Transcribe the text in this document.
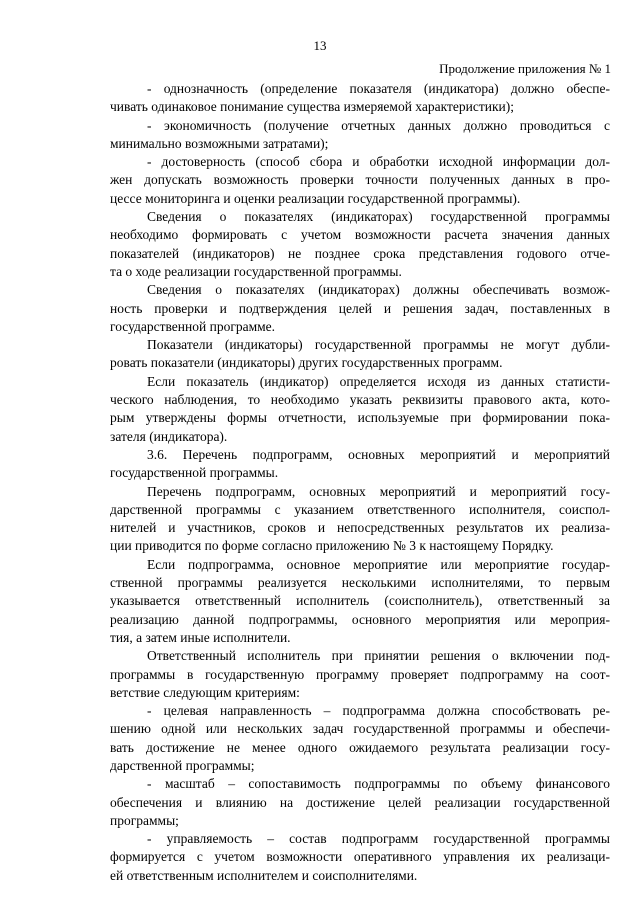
13
Продолжение приложения № 1
- однозначность (определение показателя (индикатора) должно обеспе-
чивать одинаковое понимание существа измеряемой характеристики);
- экономичность (получение отчетных данных должно проводиться с
минимально возможными затратами);
- достоверность (способ сбора и обработки исходной информации дол-
жен допускать возможность проверки точности полученных данных в про-
цессе мониторинга и оценки реализации государственной программы).
Сведения о показателях (индикаторах) государственной программы
необходимо формировать с учетом возможности расчета значения данных
показателей (индикаторов) не позднее срока представления годового отче-
та о ходе реализации государственной программы.
Сведения о показателях (индикаторах) должны обеспечивать возмож-
ность проверки и подтверждения целей и решения задач, поставленных в
государственной программе.
Показатели (индикаторы) государственной программы не могут дубли-
ровать показатели (индикаторы) других государственных программ.
Если показатель (индикатор) определяется исходя из данных статисти-
ческого наблюдения, то необходимо указать реквизиты правового акта, кото-
рым утверждены формы отчетности, используемые при формировании пока-
зателя (индикатора).
3.6. Перечень подпрограмм, основных мероприятий и мероприятий
государственной программы.
Перечень подпрограмм, основных мероприятий и мероприятий госу-
дарственной программы с указанием ответственного исполнителя, соиспол-
нителей и участников, сроков и непосредственных результатов их реализа-
ции приводится по форме согласно приложению № 3 к настоящему Порядку.
Если подпрограмма, основное мероприятие или мероприятие государ-
ственной программы реализуется несколькими исполнителями, то первым
указывается ответственный исполнитель (соисполнитель), ответственный за
реализацию данной подпрограммы, основного мероприятия или мероприя-
тия, а затем иные исполнители.
Ответственный исполнитель при принятии решения о включении под-
программы в государственную программу проверяет подпрограмму на соот-
ветствие следующим критериям:
- целевая направленность – подпрограмма должна способствовать ре-
шению одной или нескольких задач государственной программы и обеспечи-
вать достижение не менее одного ожидаемого результата реализации госу-
дарственной программы;
- масштаб – сопоставимость подпрограммы по объему финансового
обеспечения и влиянию на достижение целей реализации государственной
программы;
- управляемость – состав подпрограмм государственной программы
формируется с учетом возможности оперативного управления их реализаци-
ей ответственным исполнителем и соисполнителями.
